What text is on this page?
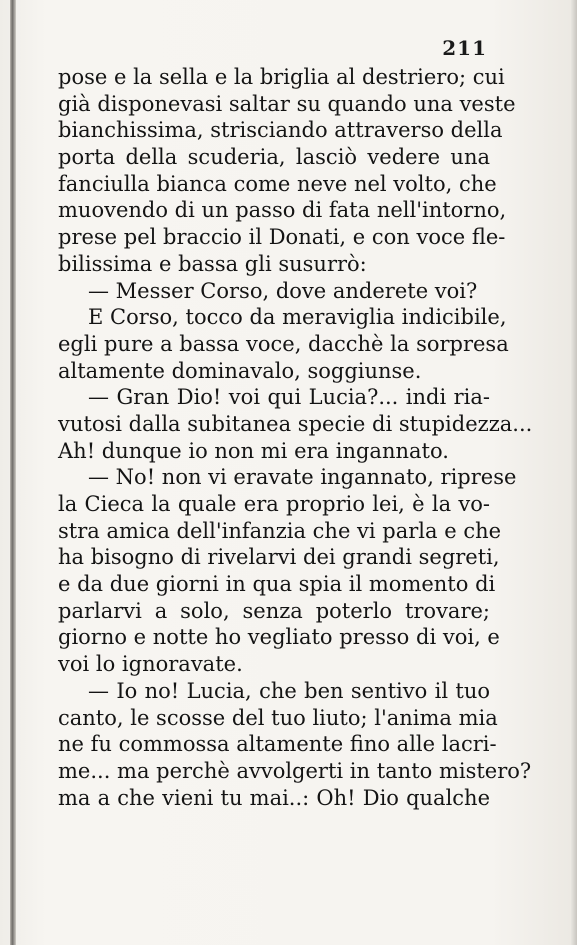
211
pose e la sella e la briglia al destriero; cui
già disponevasi saltar su quando una veste
bianchissima, strisciando attraverso della
porta della scuderia, lasciò vedere una
fanciulla bianca come neve nel volto, che
muovendo di un passo di fata nell'intorno,
prese pel braccio il Donati, e con voce fle-
bilissima e bassa gli susurrò:
— Messer Corso, dove anderete voi?
E Corso, tocco da meraviglia indicibile,
egli pure a bassa voce, dacchè la sorpresa
altamente dominavalo, soggiunse.
— Gran Dio! voi qui Lucia?... indi ria-
vutosi dalla subitanea specie di stupidezza...
Ah! dunque io non mi era ingannato.
— No! non vi eravate ingannato, riprese
la Cieca la quale era proprio lei, è la vo-
stra amica dell'infanzia che vi parla e che
ha bisogno di rivelarvi dei grandi segreti,
e da due giorni in qua spia il momento di
parlarvi a solo, senza poterlo trovare;
giorno e notte ho vegliato presso di voi, e
voi lo ignoravate.
— Io no! Lucia, che ben sentivo il tuo
canto, le scosse del tuo liuto; l'anima mia
ne fu commossa altamente fino alle lacri-
me... ma perchè avvolgerti in tanto mistero?
ma a che vieni tu mai..: Oh! Dio qualche
